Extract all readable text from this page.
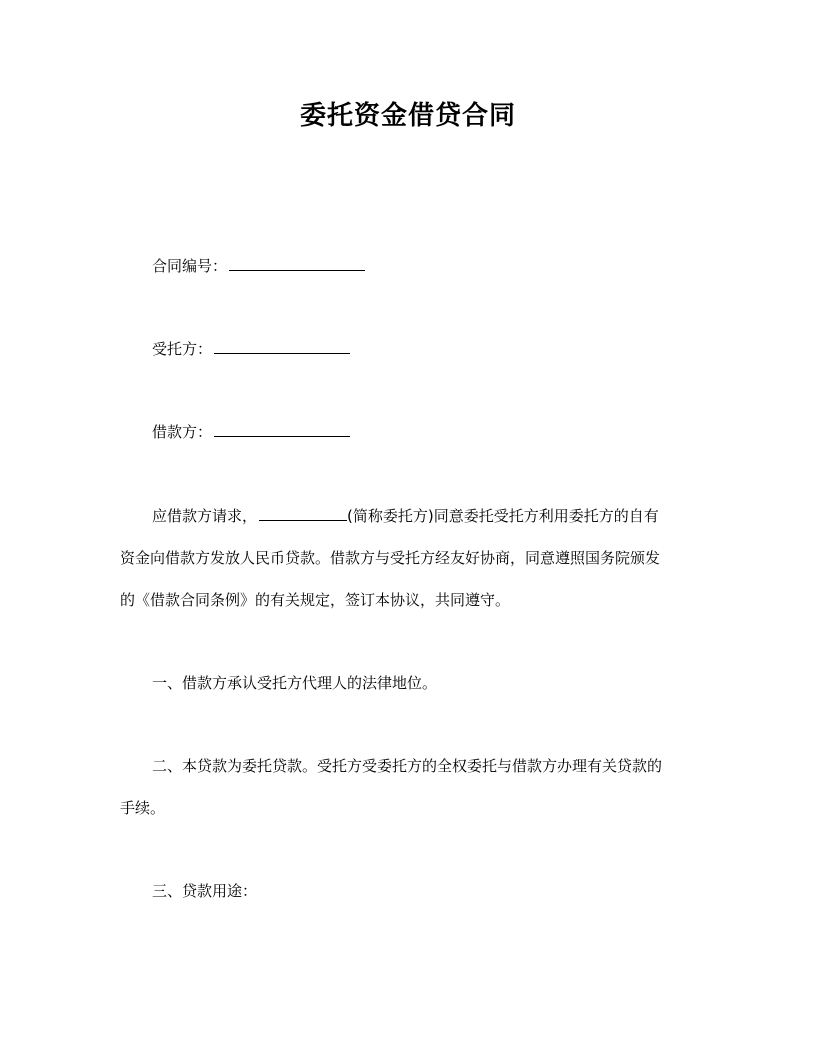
委托资金借贷合同
合同编号：
受托方：
借款方：
应借款方请求，	(简称委托方)同意委托受托方利用委托方的自有
资金向借款方发放人民币贷款。借款方与受托方经友好协商，同意遵照国务院颁发
的《借款合同条例》的有关规定，签订本协议，共同遵守。
一、借款方承认受托方代理人的法律地位。
二、本贷款为委托贷款。受托方受委托方的全权委托与借款方办理有关贷款的
手续。
三、贷款用途：
